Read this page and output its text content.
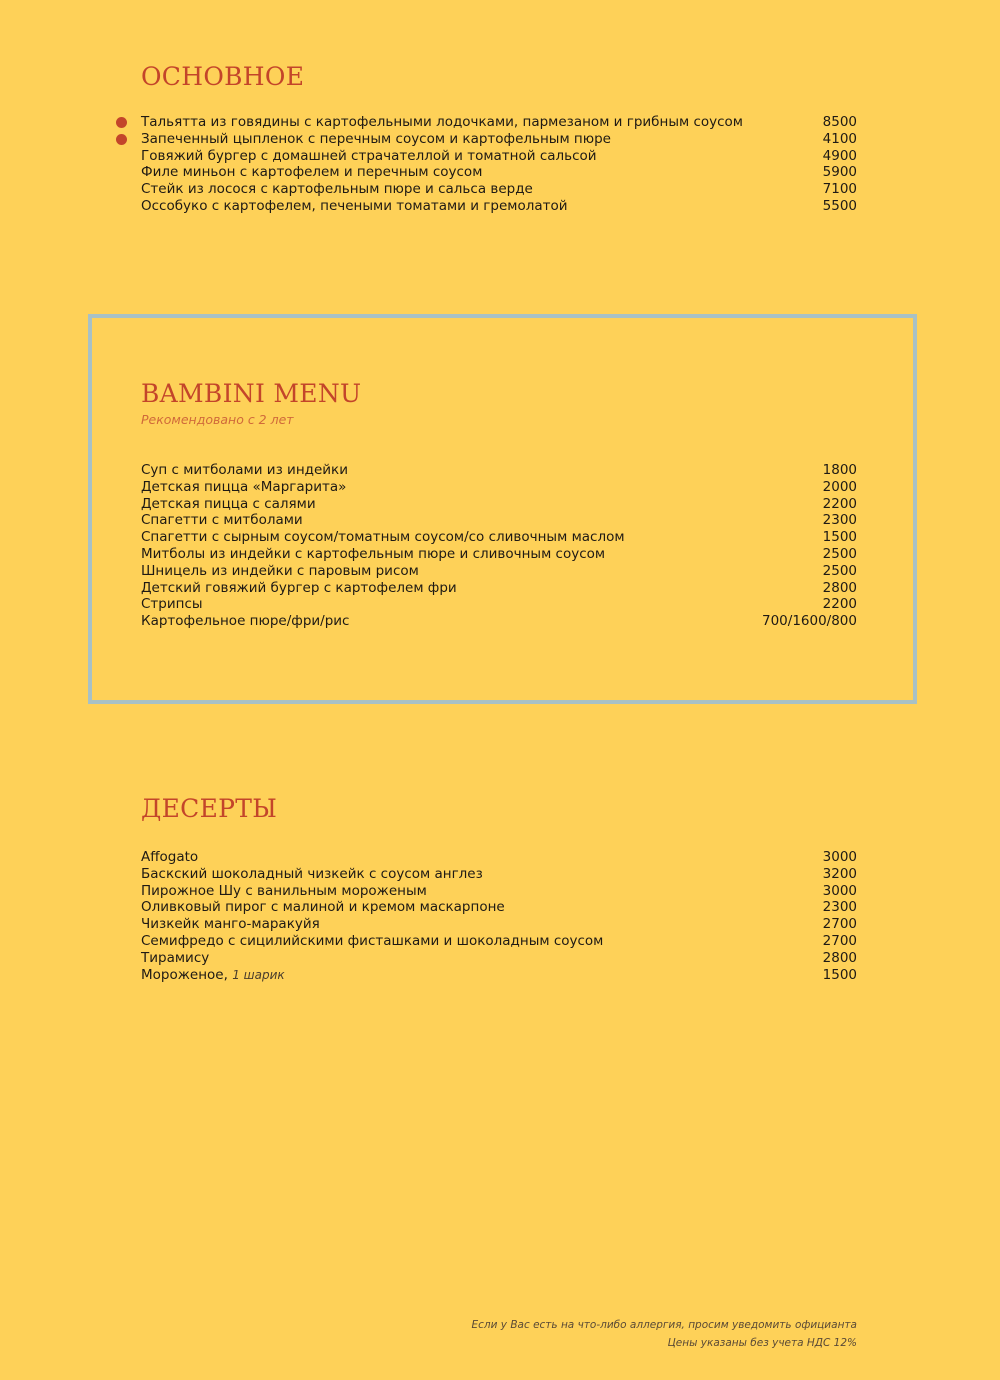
ОСНОВНОЕ
Тальятта из говядины с картофельными лодочками, пармезаном и грибным соусом	8500
Запеченный цыпленок с перечным соусом и картофельным пюре	4100
Говяжий бургер с домашней страчателлой и томатной сальсой	4900
Филе миньон с картофелем и перечным соусом	5900
Стейк из лосося с картофельным пюре и сальса верде	7100
Оссобуко с картофелем, печеными томатами и гремолатой	5500
BAMBINI MENU
Рекомендовано с 2 лет
Суп с митболами из индейки	1800
Детская пицца «Маргарита»	2000
Детская пицца с салями	2200
Спагетти с митболами	2300
Спагетти с сырным соусом/томатным соусом/со сливочным маслом	1500
Митболы из индейки с картофельным пюре и сливочным соусом	2500
Шницель из индейки с паровым рисом	2500
Детский говяжий бургер с картофелем фри	2800
Стрипсы	2200
Картофельное пюре/фри/рис	700/1600/800
ДЕСЕРТЫ
Affogato	3000
Баскский шоколадный чизкейк с соусом англез	3200
Пирожное Шу с ванильным мороженым	3000
Оливковый пирог с малиной и кремом маскарпоне	2300
Чизкейк манго-маракуйя	2700
Семифредо с сицилийскими фисташками и шоколадным соусом	2700
Тирамису	2800
Мороженое, 1 шарик	1500
Если у Вас есть на что-либо аллергия, просим уведомить официанта
Цены указаны без учета НДС 12%
